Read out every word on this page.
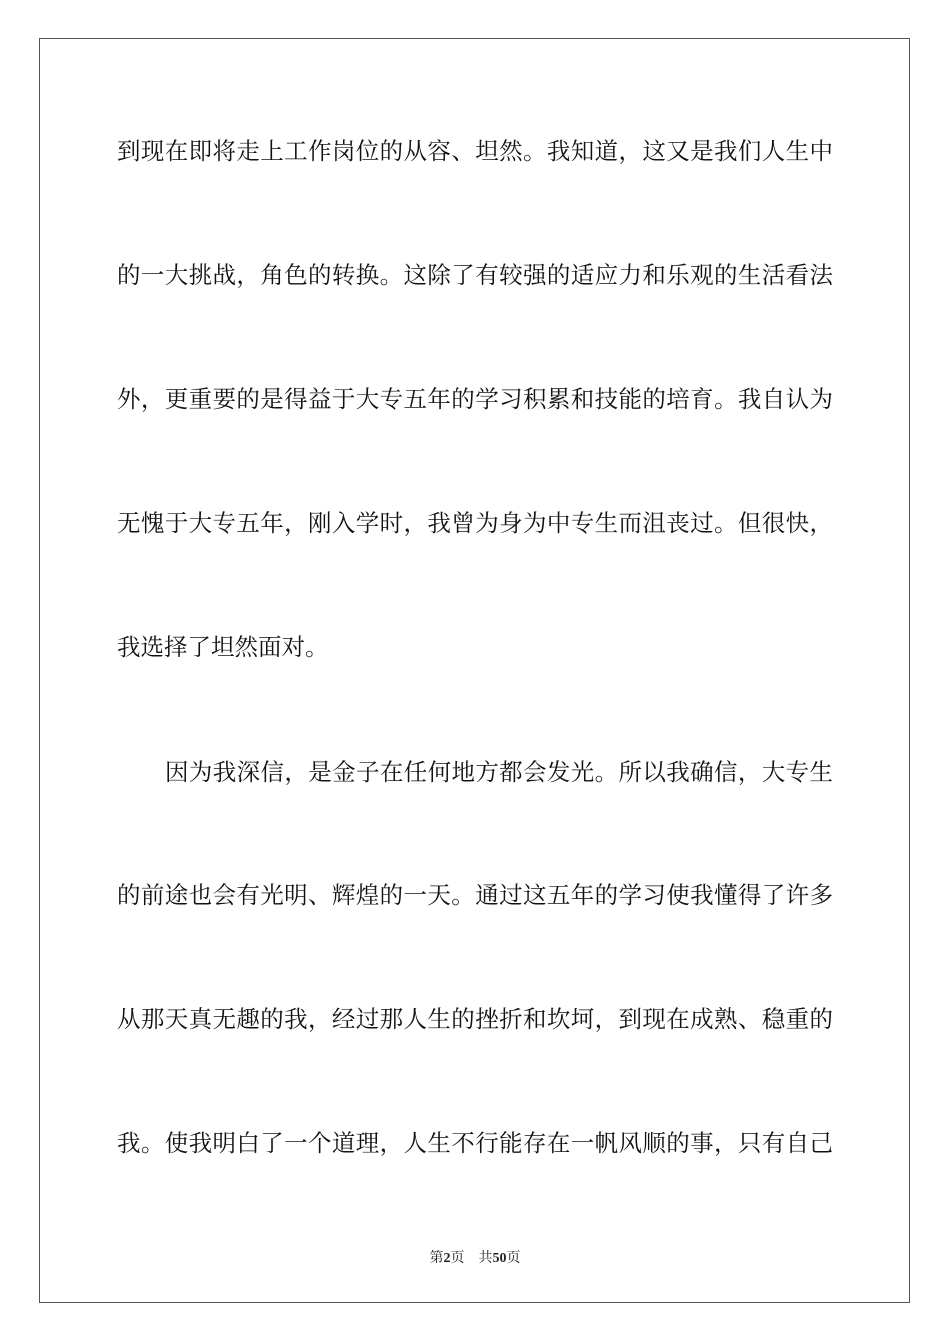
到现在即将走上工作岗位的从容、坦然。我知道，这又是我们人生中
的一大挑战，角色的转换。这除了有较强的适应力和乐观的生活看法
外，更重要的是得益于大专五年的学习积累和技能的培育。我自认为
无愧于大专五年，刚入学时，我曾为身为中专生而沮丧过。但很快，
我选择了坦然面对。
因为我深信，是金子在任何地方都会发光。所以我确信，大专生
的前途也会有光明、辉煌的一天。通过这五年的学习使我懂得了许多
从那天真无趣的我，经过那人生的挫折和坎坷，到现在成熟、稳重的
我。使我明白了一个道理，人生不行能存在一帆风顺的事，只有自己
第2页 共50页
